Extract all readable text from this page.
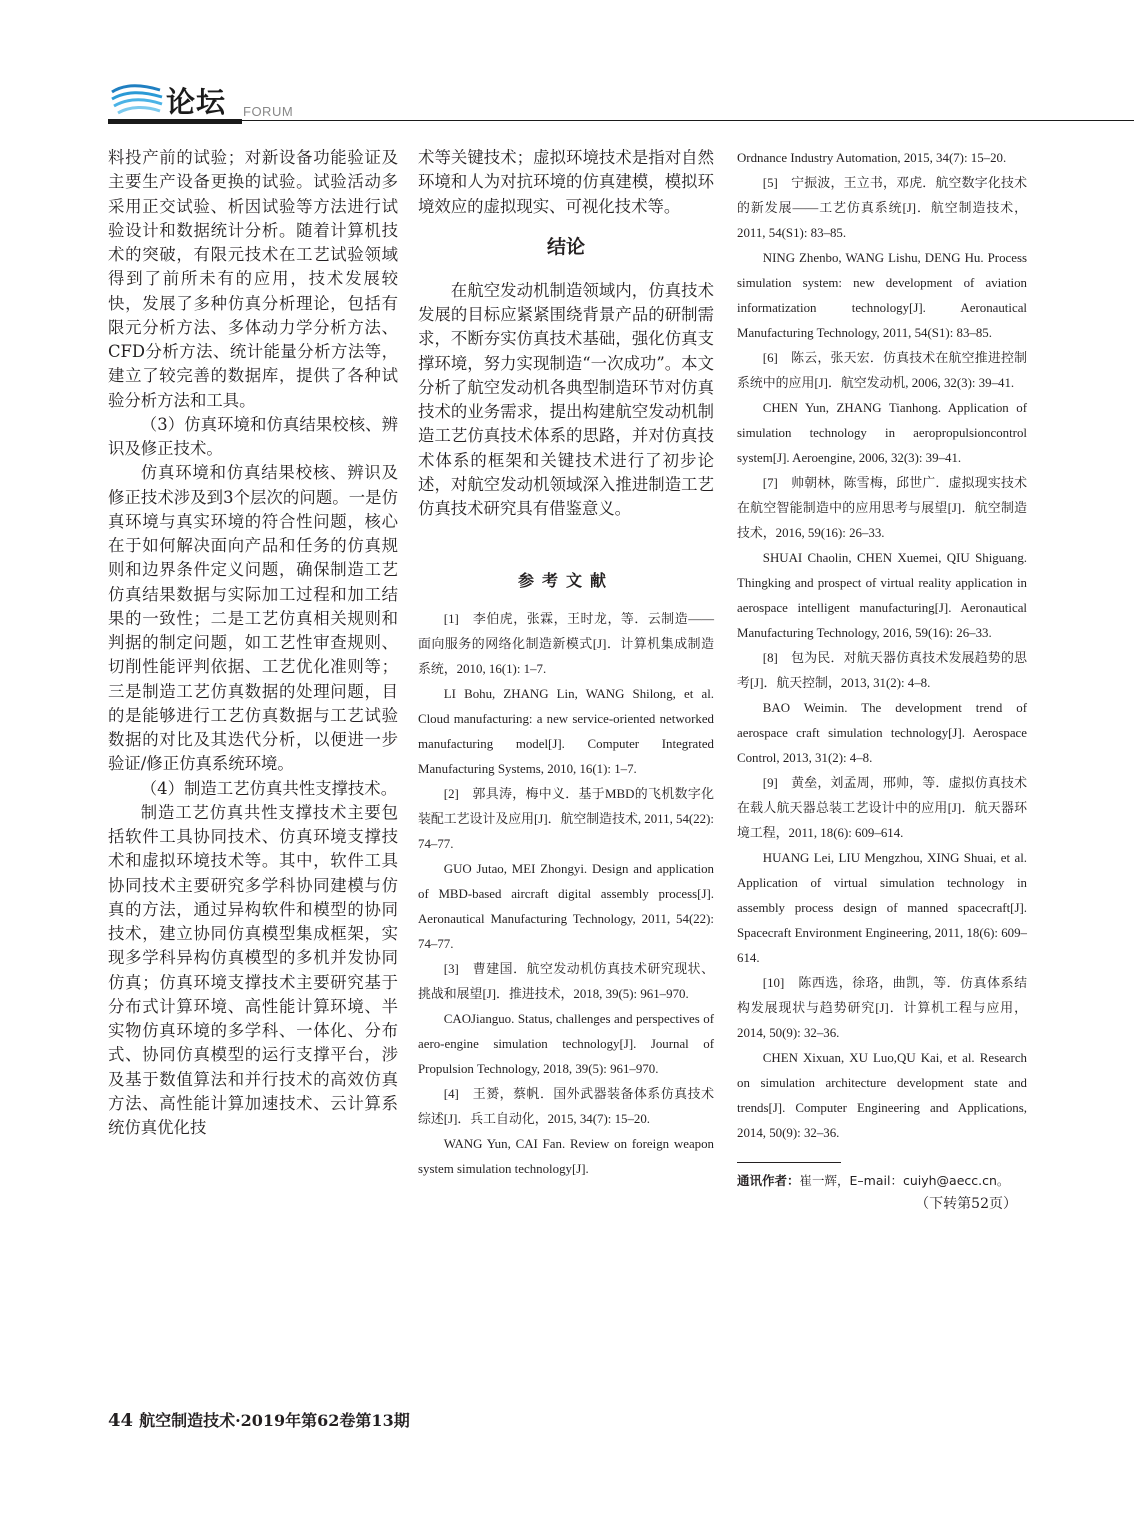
论坛 FORUM

料投产前的试验；对新设备功能验证及主要生产设备更换的试验。试验活动多采用正交试验、析因试验等方法进行试验设计和数据统计分析。随着计算机技术的突破，有限元技术在工艺试验领域得到了前所未有的应用，技术发展较快，发展了多种仿真分析理论，包括有限元分析方法、多体动力学分析方法、CFD分析方法、统计能量分析方法等，建立了较完善的数据库，提供了各种试验分析方法和工具。

（3）仿真环境和仿真结果校核、辨识及修正技术。

仿真环境和仿真结果校核、辨识及修正技术涉及到3个层次的问题。一是仿真环境与真实环境的符合性问题，核心在于如何解决面向产品和任务的仿真规则和边界条件定义问题，确保制造工艺仿真结果数据与实际加工过程和加工结果的一致性；二是工艺仿真相关规则和判据的制定问题，如工艺性审查规则、切削性能评判依据、工艺优化准则等；三是制造工艺仿真数据的处理问题，目的是能够进行工艺仿真数据与工艺试验数据的对比及其迭代分析，以便进一步验证/修正仿真系统环境。

（4）制造工艺仿真共性支撑技术。

制造工艺仿真共性支撑技术主要包括软件工具协同技术、仿真环境支撑技术和虚拟环境技术等。其中，软件工具协同技术主要研究多学科协同建模与仿真的方法，通过异构软件和模型的协同技术，建立协同仿真模型集成框架，实现多学科异构仿真模型的多机并发协同仿真；仿真环境支撑技术主要研究基于分布式计算环境、高性能计算环境、半实物仿真环境的多学科、一体化、分布式、协同仿真模型的运行支撑平台，涉及基于数值算法和并行技术的高效仿真方法、高性能计算加速技术、云计算系统仿真优化技

术等关键技术；虚拟环境技术是指对自然环境和人为对抗环境的仿真建模，模拟环境效应的虚拟现实、可视化技术等。

结论

在航空发动机制造领域内，仿真技术发展的目标应紧紧围绕背景产品的研制需求，不断夯实仿真技术基础，强化仿真支撑环境，努力实现制造“一次成功”。本文分析了航空发动机各典型制造环节对仿真技术的业务需求，提出构建航空发动机制造工艺仿真技术体系的思路，并对仿真技术体系的框架和关键技术进行了初步论述，对航空发动机领域深入推进制造工艺仿真技术研究具有借鉴意义。

参考文献

[1]　李伯虎，张霖，王时龙，等．云制造——面向服务的网络化制造新模式[J]．计算机集成制造系统，2010, 16(1): 1–7.

LI Bohu, ZHANG Lin, WANG Shilong, et al. Cloud manufacturing: a new service-oriented networked manufacturing model[J]. Computer Integrated Manufacturing Systems, 2010, 16(1): 1–7.

[2]　郭具涛，梅中义．基于MBD的飞机数字化装配工艺设计及应用[J]．航空制造技术, 2011, 54(22): 74–77.

GUO Jutao, MEI Zhongyi. Design and application of MBD-based aircraft digital assembly process[J]. Aeronautical Manufacturing Technology, 2011, 54(22): 74–77.

[3]　曹建国．航空发动机仿真技术研究现状、挑战和展望[J]．推进技术，2018, 39(5): 961–970.

CAOJianguo. Status, challenges and perspectives of aero-engine simulation technology[J]. Journal of Propulsion Technology, 2018, 39(5): 961–970.

[4]　王赟，蔡帆．国外武器装备体系仿真技术综述[J]．兵工自动化，2015, 34(7): 15–20.

WANG Yun, CAI Fan. Review on foreign weapon system simulation technology[J].

Ordnance Industry Automation, 2015, 34(7): 15–20.

[5]　宁振波，王立书，邓虎．航空数字化技术的新发展——工艺仿真系统[J]．航空制造技术，2011, 54(S1): 83–85.

NING Zhenbo, WANG Lishu, DENG Hu. Process simulation system: new development of aviation informatization technology[J]. Aeronautical Manufacturing Technology, 2011, 54(S1): 83–85.

[6]　陈云，张天宏．仿真技术在航空推进控制系统中的应用[J]．航空发动机, 2006, 32(3): 39–41.

CHEN Yun, ZHANG Tianhong. Application of simulation technology in aeropropulsioncontrol system[J]. Aeroengine, 2006, 32(3): 39–41.

[7]　帅朝林，陈雪梅，邱世广．虚拟现实技术在航空智能制造中的应用思考与展望[J]．航空制造技术，2016, 59(16): 26–33.

SHUAI Chaolin, CHEN Xuemei, QIU Shiguang. Thingking and prospect of virtual reality application in aerospace intelligent manufacturing[J]. Aeronautical Manufacturing Technology, 2016, 59(16): 26–33.

[8]　包为民．对航天器仿真技术发展趋势的思考[J]．航天控制，2013, 31(2): 4–8.

BAO Weimin. The development trend of aerospace craft simulation technology[J]. Aerospace Control, 2013, 31(2): 4–8.

[9]　黄垒，刘孟周，邢帅，等．虚拟仿真技术在载人航天器总装工艺设计中的应用[J]．航天器环境工程，2011, 18(6): 609–614.

HUANG Lei, LIU Mengzhou, XING Shuai, et al. Application of virtual simulation technology in assembly process design of manned spacecraft[J]. Spacecraft Environment Engineering, 2011, 18(6): 609–614.

[10]　陈西选，徐珞，曲凯，等．仿真体系结构发展现状与趋势研究[J]．计算机工程与应用，2014, 50(9): 32–36.

CHEN Xixuan, XU Luo,QU Kai, et al. Research on simulation architecture development state and trends[J]. Computer Engineering and Applications, 2014, 50(9): 32–36.

通讯作者：崔一辉，E–mail：cuiyh@aecc.cn。
（下转第52页）
44 航空制造技术·2019年第62卷第13期
